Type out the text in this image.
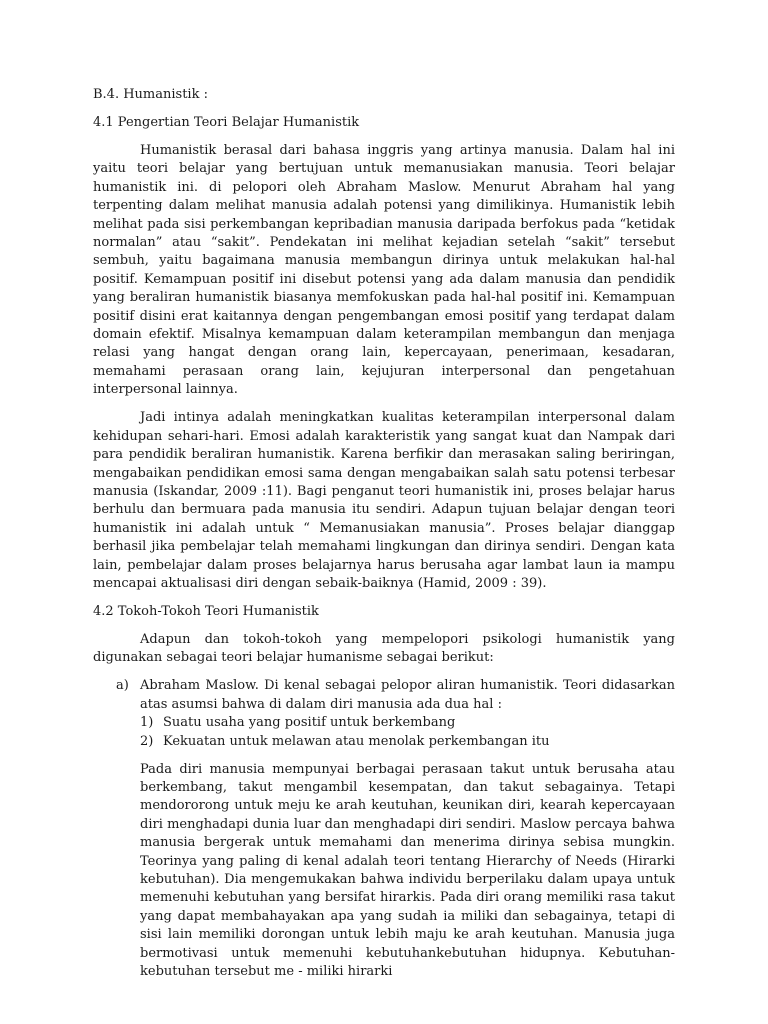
B.4. Humanistik :

4.1 Pengertian Teori Belajar Humanistik

Humanistik berasal dari bahasa inggris yang artinya manusia. Dalam hal ini yaitu teori belajar yang bertujuan untuk memanusiakan manusia. Teori belajar humanistik ini. di pelopori oleh Abraham Maslow. Menurut Abraham hal yang terpenting dalam melihat manusia adalah potensi yang dimilikinya. Humanistik lebih melihat pada sisi perkembangan kepribadian manusia daripada berfokus pada “ketidak normalan” atau “sakit”. Pendekatan ini melihat kejadian setelah “sakit” tersebut sembuh, yaitu bagaimana manusia membangun dirinya untuk melakukan hal-hal positif. Kemampuan positif ini disebut potensi yang ada dalam manusia dan pendidik yang beraliran humanistik biasanya memfokuskan pada hal-hal positif ini. Kemampuan positif disini erat kaitannya dengan pengembangan emosi positif yang terdapat dalam domain efektif. Misalnya kemampuan dalam keterampilan membangun dan menjaga relasi yang hangat dengan orang lain, kepercayaan, penerimaan, kesadaran, memahami perasaan orang lain, kejujuran interpersonal dan pengetahuan interpersonal lainnya.

Jadi intinya adalah meningkatkan kualitas keterampilan interpersonal dalam kehidupan sehari-hari. Emosi adalah karakteristik yang sangat kuat dan Nampak dari para pendidik beraliran humanistik. Karena berfikir dan merasakan saling beriringan, mengabaikan pendidikan emosi sama dengan mengabaikan salah satu potensi terbesar manusia (Iskandar, 2009 :11). Bagi penganut teori humanistik ini, proses belajar harus berhulu dan bermuara pada manusia itu sendiri. Adapun tujuan belajar dengan teori humanistik ini adalah untuk “ Memanusiakan manusia”. Proses belajar dianggap berhasil jika pembelajar telah memahami lingkungan dan dirinya sendiri. Dengan kata lain, pembelajar dalam proses belajarnya harus berusaha agar lambat laun ia mampu mencapai aktualisasi diri dengan sebaik-baiknya (Hamid, 2009 : 39).

4.2 Tokoh-Tokoh Teori Humanistik

Adapun dan tokoh-tokoh yang mempelopori psikologi humanistik yang digunakan sebagai teori belajar humanisme sebagai berikut:

a) Abraham Maslow. Di kenal sebagai pelopor aliran humanistik. Teori didasarkan atas asumsi bahwa di dalam diri manusia ada dua hal :

1) Suatu usaha yang positif untuk berkembang
2) Kekuatan untuk melawan atau menolak perkembangan itu

Pada diri manusia mempunyai berbagai perasaan takut untuk berusaha atau berkembang, takut mengambil kesempatan, dan takut sebagainya. Tetapi mendororong untuk meju ke arah keutuhan, keunikan diri, kearah kepercayaan diri menghadapi dunia luar dan menghadapi diri sendiri. Maslow percaya bahwa manusia bergerak untuk memahami dan menerima dirinya sebisa mungkin. Teorinya yang paling di kenal adalah teori tentang Hierarchy of Needs (Hirarki kebutuhan). Dia mengemukakan bahwa individu berperilaku dalam upaya untuk memenuhi kebutuhan yang bersifat hirarkis. Pada diri orang memiliki rasa takut yang dapat membahayakan apa yang sudah ia miliki dan sebagainya, tetapi di sisi lain memiliki dorongan untuk lebih maju ke arah keutuhan. Manusia juga bermotivasi untuk memenuhi kebutuhankebutuhan hidupnya. Kebutuhan-kebutuhan tersebut me - miliki hirarki
